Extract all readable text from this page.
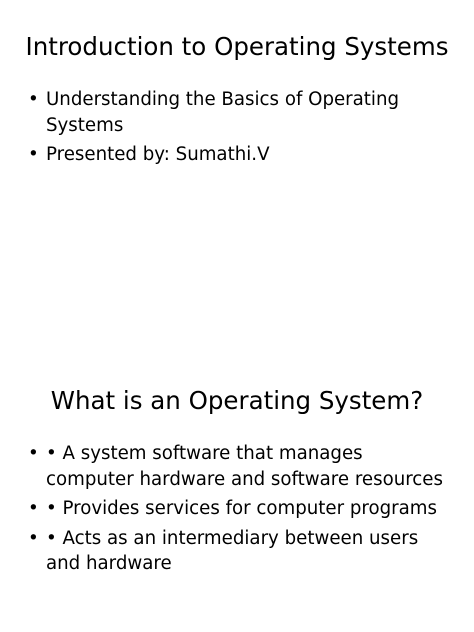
Introduction to Operating Systems
• Understanding the Basics of Operating Systems
• Presented by: Sumathi.V
What is an Operating System?
• • A system software that manages computer hardware and software resources
• • Provides services for computer programs
• • Acts as an intermediary between users and hardware
